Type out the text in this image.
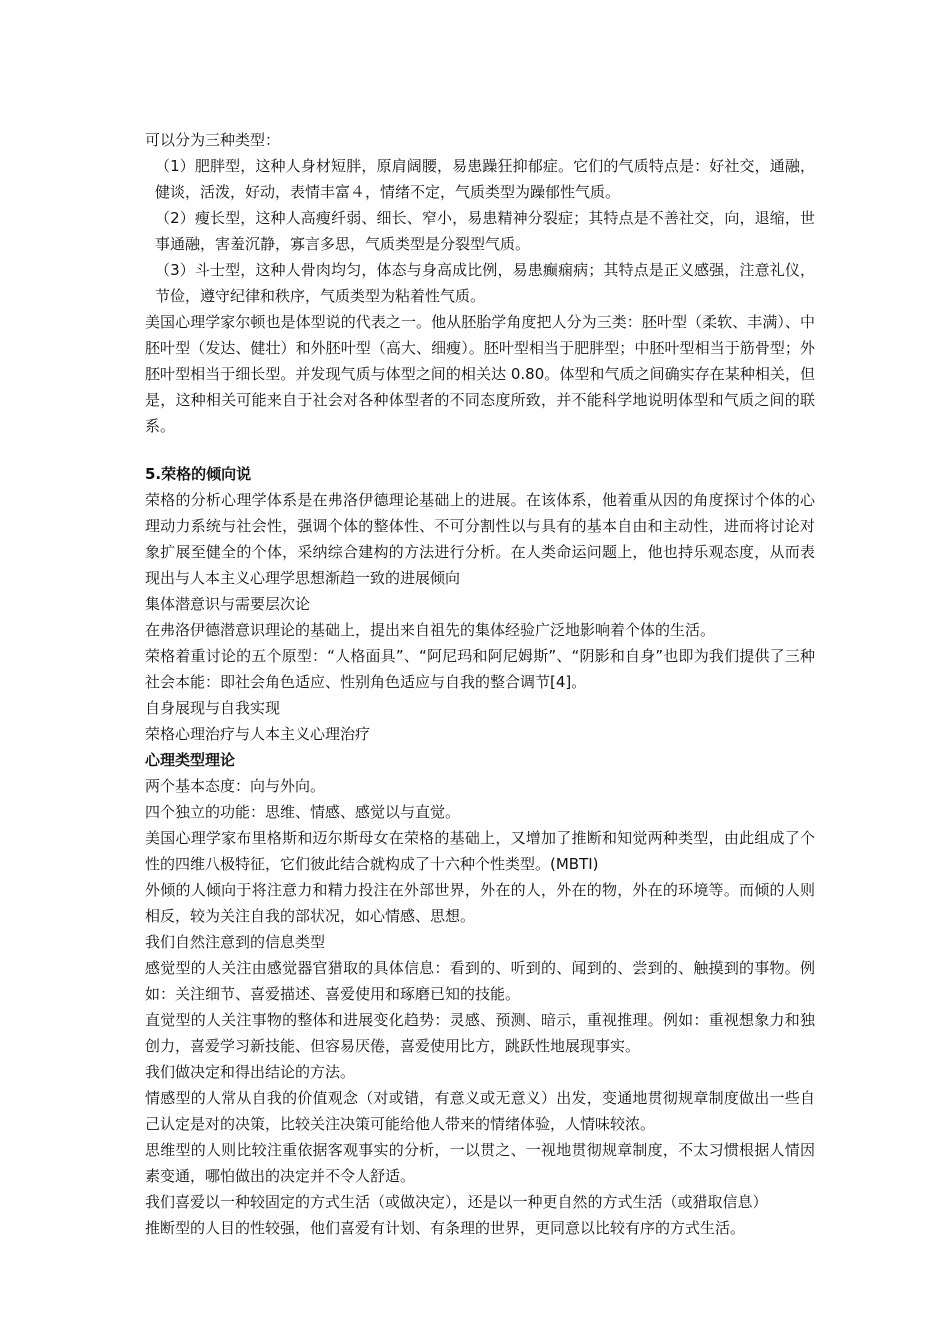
可以分为三种类型：

（1）肥胖型，这种人身材短胖，原肩阔腰，易患躁狂抑郁症。它们的气质特点是：好社交，通融，健谈，活泼，好动，表情丰富４，情绪不定，气质类型为躁郁性气质。

（2）瘦长型，这种人高瘦纤弱、细长、窄小，易患精神分裂症；其特点是不善社交，向，退缩，世事通融，害羞沉静，寡言多思，气质类型是分裂型气质。

（3）斗士型，这种人骨肉均匀，体态与身高成比例，易患癫痫病；其特点是正义感强，注意礼仪，节俭，遵守纪律和秩序，气质类型为粘着性气质。

美国心理学家尔顿也是体型说的代表之一。他从胚胎学角度把人分为三类：胚叶型（柔软、丰满）、中胚叶型（发达、健壮）和外胚叶型（高大、细瘦）。胚叶型相当于肥胖型；中胚叶型相当于筋骨型；外胚叶型相当于细长型。并发现气质与体型之间的相关达 0.80。体型和气质之间确实存在某种相关，但是，这种相关可能来自于社会对各种体型者的不同态度所致，并不能科学地说明体型和气质之间的联系。

5.荣格的倾向说

荣格的分析心理学体系是在弗洛伊德理论基础上的进展。在该体系，他着重从因的角度探讨个体的心理动力系统与社会性，强调个体的整体性、不可分割性以与具有的基本自由和主动性，进而将讨论对象扩展至健全的个体，采纳综合建构的方法进行分析。在人类命运问题上，他也持乐观态度，从而表现出与人本主义心理学思想渐趋一致的进展倾向

集体潜意识与需要层次论

在弗洛伊德潜意识理论的基础上，提出来自祖先的集体经验广泛地影响着个体的生活。

荣格着重讨论的五个原型：“人格面具”、“阿尼玛和阿尼姆斯”、“阴影和自身”也即为我们提供了三种社会本能：即社会角色适应、性别角色适应与自我的整合调节[4]。

自身展现与自我实现

荣格心理治疗与人本主义心理治疗

心理类型理论

两个基本态度：向与外向。

四个独立的功能：思维、情感、感觉以与直觉。

美国心理学家布里格斯和迈尔斯母女在荣格的基础上，又增加了推断和知觉两种类型，由此组成了个性的四维八极特征，它们彼此结合就构成了十六种个性类型。(MBTI)

外倾的人倾向于将注意力和精力投注在外部世界，外在的人，外在的物，外在的环境等。而倾的人则相反，较为关注自我的部状况，如心情感、思想。

我们自然注意到的信息类型

感觉型的人关注由感觉器官猎取的具体信息：看到的、听到的、闻到的、尝到的、触摸到的事物。例如：关注细节、喜爱描述、喜爱使用和琢磨已知的技能。

直觉型的人关注事物的整体和进展变化趋势：灵感、预测、暗示，重视推理。例如：重视想象力和独创力，喜爱学习新技能、但容易厌倦，喜爱使用比方，跳跃性地展现事实。

我们做决定和得出结论的方法。

情感型的人常从自我的价值观念（对或错，有意义或无意义）出发，变通地贯彻规章制度做出一些自己认定是对的决策，比较关注决策可能给他人带来的情绪体验，人情味较浓。

思维型的人则比较注重依据客观事实的分析，一以贯之、一视地贯彻规章制度，不太习惯根据人情因素变通，哪怕做出的决定并不令人舒适。

我们喜爱以一种较固定的方式生活（或做决定），还是以一种更自然的方式生活（或猎取信息）

推断型的人目的性较强，他们喜爱有计划、有条理的世界，更同意以比较有序的方式生活。
